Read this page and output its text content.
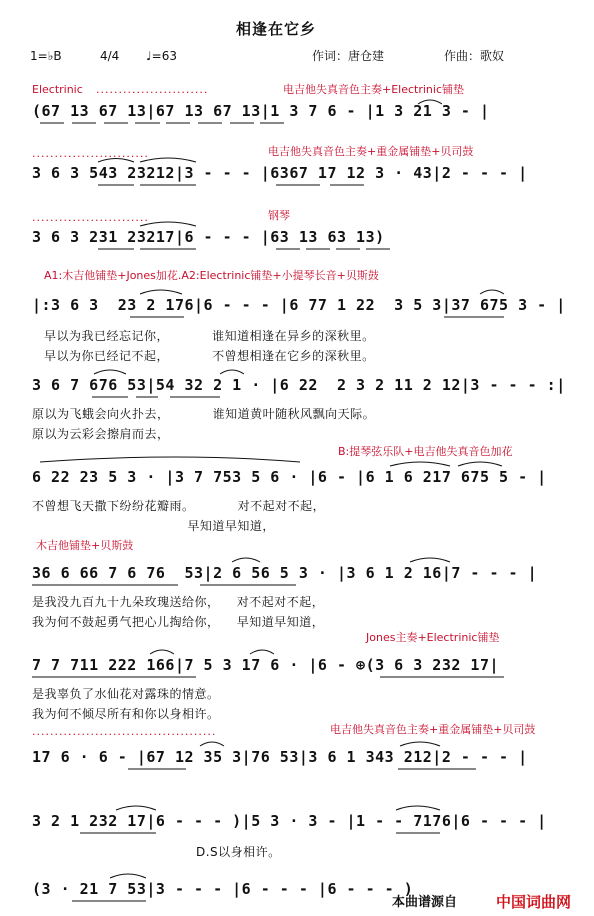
相逢在它乡
1=♭B	4/4 ♩=63	作词：唐仓建	作曲：歌奴
Electrinic .........................	电吉他失真音色主奏+Electrinic铺垫
(67 13 67 13|67 13 67 13|1 3 7 6 - |1 3 21 3 - |
..........................	电吉他失真音色主奏+重金属铺垫+贝司鼓
3 6 3 543 23212|3 - - - |6367 17 12 3 · 43|2 - - - |
..........................	钢琴
3 6 3 231 23217|6 - - - |63 13 63 13)
A1:木吉他铺垫+Jones加花.A2:Electrinic铺垫+小提琴长音+贝斯鼓
|:3 6 3  23 2 176|6 - - - |6 77 1 22  3 5 3|37 675 3 - |
早以为我已经忘记你，          谁知道相逢在异乡的深秋里。
早以为你已经记不起，          不曾想相逢在它乡的深秋里。
3 6 7 676 53|54 32 2 1 · |6 22  2 3 2 11 2 12|3 - - - :|
原以为飞蛾会向火扑去，          谁知道黄叶随秋风飘向天际。
原以为云彩会擦肩而去，
B:提琴弦乐队+电吉他失真音色加花
6 22 23 5 3 · |3 7 753 5 6 · |6 - |6 1 6 217 675 5 - |
不曾想飞天撒下纷纷花瓣雨。          对不起对不起，
早知道早知道，
木吉他铺垫+贝斯鼓
36 6 66 7 6 76  53|2 6 56 5 3 · |3 6 1 2 16|7 - - - |
是我没九百九十九朵玫瑰送给你，    对不起对不起，
我为何不鼓起勇气把心儿掏给你，    早知道早知道，
Jones主奏+Electrinic铺垫
7 7 711 222 166|7 5 3 17 6 · |6 - ⊕(3 6 3 232 17|
是我辜负了水仙花对露珠的情意。
我为何不倾尽所有和你以身相许。
.........................................	电吉他失真音色主奏+重金属铺垫+贝司鼓
17 6 · 6 - |67 12 35 3|76 53|3 6 1 343 212|2 - - - |
3 2 1 232 17|6 - - - )|5 3 · 3 - |1 - - 7176|6 - - - |
D.S以身相许。
(3 · 21 7 53|3 - - - |6 - - - |6 - - - )
本曲谱源自	中国词曲网
